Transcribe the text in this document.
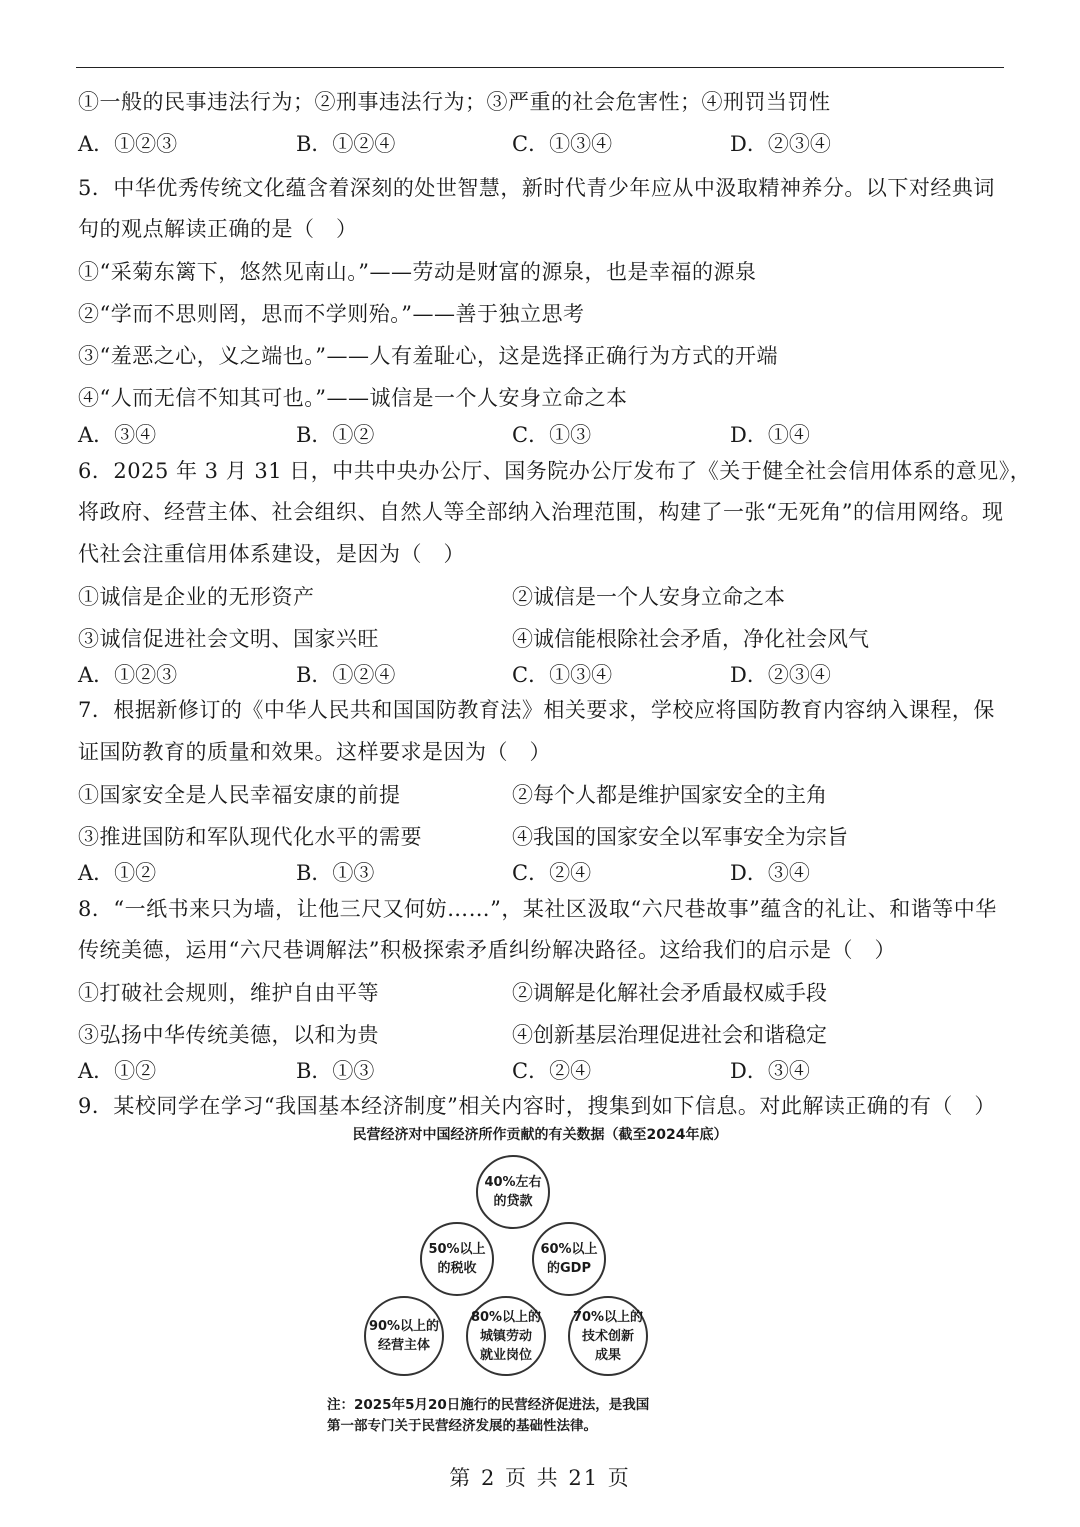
①一般的民事违法行为；②刑事违法行为；③严重的社会危害性；④刑罚当罚性
A．①②③	B．①②④	C．①③④	D．②③④
5．中华优秀传统文化蕴含着深刻的处世智慧，新时代青少年应从中汲取精神养分。以下对经典词
句的观点解读正确的是（　）
①“采菊东篱下，悠然见南山。”——劳动是财富的源泉，也是幸福的源泉
②“学而不思则罔，思而不学则殆。”——善于独立思考
③“羞恶之心，义之端也。”——人有羞耻心，这是选择正确行为方式的开端
④“人而无信不知其可也。”——诚信是一个人安身立命之本
A．③④	B．①②	C．①③	D．①④
6．2025 年 3 月 31 日，中共中央办公厅、国务院办公厅发布了《关于健全社会信用体系的意见》，
将政府、经营主体、社会组织、自然人等全部纳入治理范围，构建了一张“无死角”的信用网络。现
代社会注重信用体系建设，是因为（　）
①诚信是企业的无形资产	②诚信是一个人安身立命之本
③诚信促进社会文明、国家兴旺	④诚信能根除社会矛盾，净化社会风气
A．①②③	B．①②④	C．①③④	D．②③④
7．根据新修订的《中华人民共和国国防教育法》相关要求，学校应将国防教育内容纳入课程，保
证国防教育的质量和效果。这样要求是因为（　）
①国家安全是人民幸福安康的前提	②每个人都是维护国家安全的主角
③推进国防和军队现代化水平的需要	④我国的国家安全以军事安全为宗旨
A．①②	B．①③	C．②④	D．③④
8．“一纸书来只为墙，让他三尺又何妨……”，某社区汲取“六尺巷故事”蕴含的礼让、和谐等中华
传统美德，运用“六尺巷调解法”积极探索矛盾纠纷解决路径。这给我们的启示是（　）
①打破社会规则，维护自由平等	②调解是化解社会矛盾最权威手段
③弘扬中华传统美德，以和为贵	④创新基层治理促进社会和谐稳定
A．①②	B．①③	C．②④	D．③④
9．某校同学在学习“我国基本经济制度”相关内容时，搜集到如下信息。对此解读正确的有（　）
民营经济对中国经济所作贡献的有关数据（截至2024年底）
40%左右
的贷款
50%以上
的税收
60%以上
的GDP
90%以上的
经营主体
80%以上的
城镇劳动
就业岗位
70%以上的
技术创新
成果
注：2025年5月20日施行的民营经济促进法，是我国
第一部专门关于民营经济发展的基础性法律。
第 2 页 共 21 页
